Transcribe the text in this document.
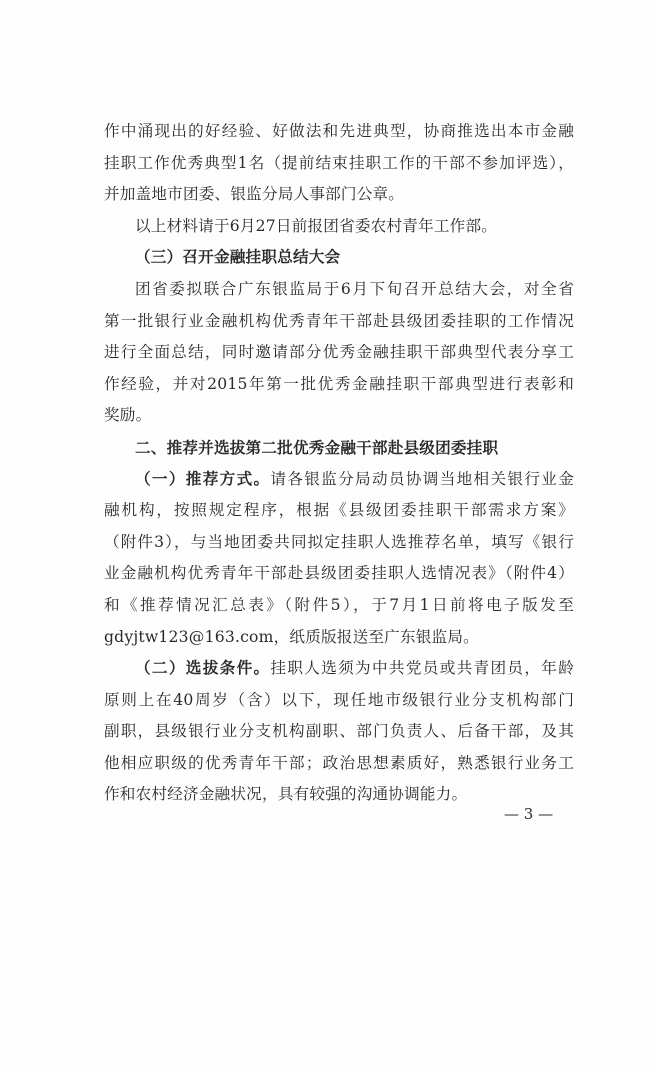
作中涌现出的好经验、好做法和先进典型，协商推选出本市金融
挂职工作优秀典型1名（提前结束挂职工作的干部不参加评选），
并加盖地市团委、银监分局人事部门公章。
以上材料请于6月27日前报团省委农村青年工作部。
（三）召开金融挂职总结大会
团省委拟联合广东银监局于6月下旬召开总结大会，对全省
第一批银行业金融机构优秀青年干部赴县级团委挂职的工作情况
进行全面总结，同时邀请部分优秀金融挂职干部典型代表分享工
作经验，并对2015年第一批优秀金融挂职干部典型进行表彰和
奖励。
二、推荐并选拔第二批优秀金融干部赴县级团委挂职
（一）推荐方式。请各银监分局动员协调当地相关银行业金
融机构，按照规定程序，根据《县级团委挂职干部需求方案》
（附件3），与当地团委共同拟定挂职人选推荐名单，填写《银行
业金融机构优秀青年干部赴县级团委挂职人选情况表》（附件4）
和《推荐情况汇总表》（附件5），于7月1日前将电子版发至
gdyjtw123@163.com，纸质版报送至广东银监局。
（二）选拔条件。挂职人选须为中共党员或共青团员，年龄
原则上在40周岁（含）以下，现任地市级银行业分支机构部门
副职，县级银行业分支机构副职、部门负责人、后备干部，及其
他相应职级的优秀青年干部；政治思想素质好，熟悉银行业务工
作和农村经济金融状况，具有较强的沟通协调能力。
— 3 —
